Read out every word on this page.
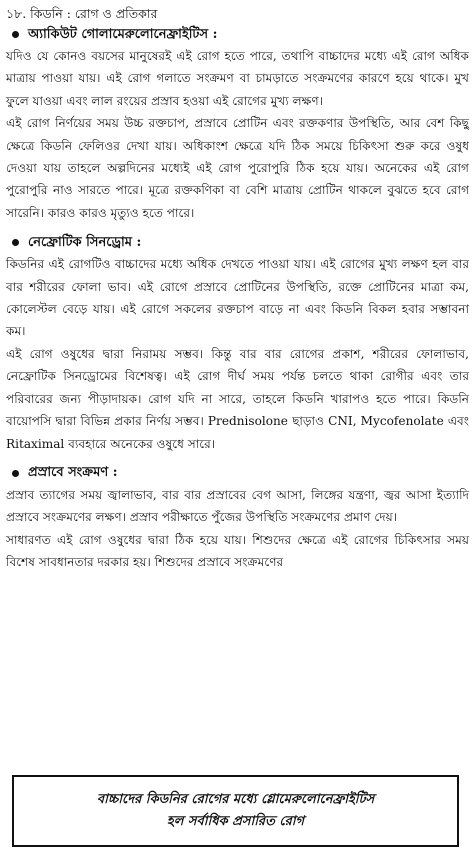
১৮. কিডনি : রোগ ও প্রতিকার
অ্যাকিউট গোলামেরুলোনেফ্রাইটিস :

যদিও যে কোনও বয়সের মানুষেরই এই রোগ হতে পারে, তথাপি বাচ্চাদের মধ্যে এই রোগ অধিক মাত্রায় পাওয়া যায়। এই রোগ গলাতে সংক্রমণ বা চামড়াতে সংক্রমণের কারণে হয়ে থাকে। মুখ ফুলে যাওয়া এবং লাল রংয়ের প্রস্রাব হওয়া এই রোগের মুখ্য লক্ষণ।

এই রোগ নির্ণয়ের সময় উচ্চ রক্তচাপ, প্রস্রাবে প্রোটিন এবং রক্তকণার উপস্থিতি, আর বেশ কিছু ক্ষেত্রে কিডনি ফেলিওর দেখা যায়। অধিকাংশ ক্ষেত্রে যদি ঠিক সময়ে চিকিৎসা শুরু করে ওষুধ দেওয়া যায় তাহলে অল্পদিনের মধ্যেই এই রোগ পুরোপুরি ঠিক হয়ে যায়। অনেকের এই রোগ পুরোপুরি নাও সারতে পারে। মূত্রে রক্তকণিকা বা বেশি মাত্রায় প্রোটিন থাকলে বুঝতে হবে রোগ সারেনি। কারও কারও মৃত্যুও হতে পারে।

নেফ্রোটিক সিনড্রোম :

কিডনির এই রোগটিও বাচ্চাদের মধ্যে অধিক দেখতে পাওয়া যায়। এই রোগের মুখ্য লক্ষণ হল বার বার শরীরের ফোলা ভাব। এই রোগে প্রস্রাবে প্রোটিনের উপস্থিতি, রক্তে প্রোটিনের মাত্রা কম, কোলেস্টল বেড়ে যায়। এই রোগে সকলের রক্তচাপ বাড়ে না এবং কিডনি বিকল হবার সম্ভাবনা কম।

এই রোগ ওষুধের দ্বারা নিরাময় সম্ভব। কিন্তু বার বার রোগের প্রকাশ, শরীরের ফোলাভাব, নেফ্রোটিক সিনড্রোমের বিশেষত্ব। এই রোগ দীর্ঘ সময় পর্যন্ত চলতে থাকা রোগীর এবং তার পরিবারের জন্য পীড়াদায়ক। রোগ যদি না সারে, তাহলে কিডনি খারাপও হতে পারে। কিডনি বায়োপসি দ্বারা বিভিন্ন প্রকার নির্ণয় সম্ভব। Prednisolone ছাড়াও CNI, Mycofenolate এবং Ritaximal ব্যবহারে অনেকের ওষুধে সারে।

প্রস্রাবে সংক্রমণ :

প্রস্রাব ত্যাগের সময় জ্বালাভাব, বার বার প্রস্রাবের বেগ আসা, লিঙ্গের যন্ত্রণা, জ্বর আসা ইত্যাদি প্রস্রাবে সংক্রমণের লক্ষণ। প্রস্রাব পরীক্ষাতে পুঁজের উপস্থিতি সংক্রমণের প্রমাণ দেয়।

সাধারণত এই রোগ ওষুধের দ্বারা ঠিক হয়ে যায়। শিশুদের ক্ষেত্রে এই রোগের চিকিৎসার সময় বিশেষ সাবধানতার দরকার হয়। শিশুদের প্রস্রাবে সংক্রমণের

বাচ্চাদের কিডনির রোগের মধ্যে গ্লোমেরুলোনেফ্রাইটিস
হল সর্বাধিক প্রসারিত রোগ
